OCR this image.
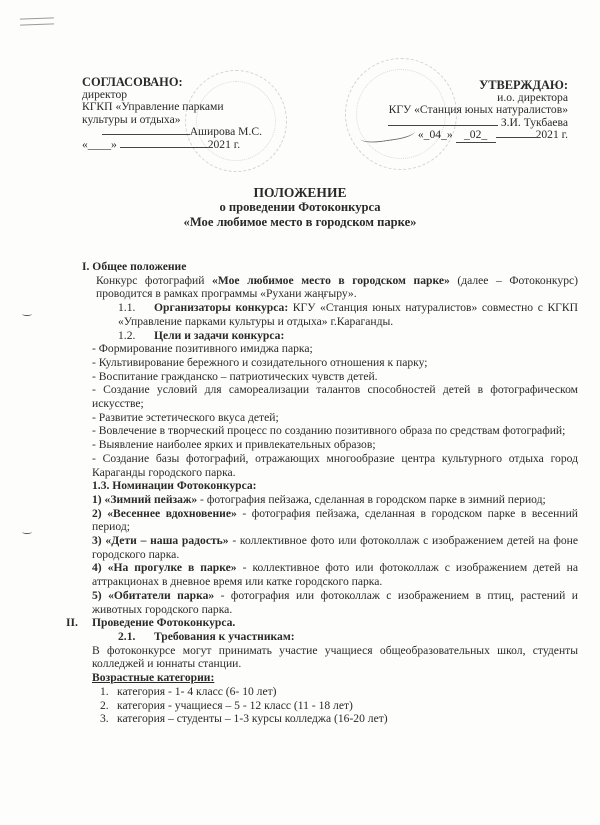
СОГЛАСОВАНО:
директор
КГКП «Управление парками
культуры и отдыха»
Аширова М.С.
«____»	2021 г.
УТВЕРЖДАЮ:
и.о. директора
КГУ «Станция юных натуралистов»
З.И. Тукбаева
«_04_» _02_	2021 г.
ПОЛОЖЕНИЕ
о проведении Фотоконкурса
«Мое любимое место в городском парке»

I. Общее положение

Конкурс фотографий «Мое любимое место в городском парке» (далее – Фотоконкурс) проводится в рамках программы «Рухани жаңғыру».

1.1. Организаторы конкурса: КГУ «Станция юных натуралистов» совместно с КГКП «Управление парками культуры и отдыха» г.Караганды.

1.2. Цели и задачи конкурса:

- Формирование позитивного имиджа парка;

- Культивирование бережного и созидательного отношения к парку;

- Воспитание гражданско – патриотических чувств детей.

- Создание условий для самореализации талантов способностей детей в фотографическом искусстве;

- Развитие эстетического вкуса детей;

- Вовлечение в творческий процесс по созданию позитивного образа по средствам фотографий;

- Выявление наиболее ярких и привлекательных образов;

- Создание базы фотографий, отражающих многообразие центра культурного отдыха город Караганды городского парка.

1.3. Номинации Фотоконкурса:

1) «Зимний пейзаж» - фотография пейзажа, сделанная в городском парке в зимний период;

2) «Весеннее вдохновение» - фотография пейзажа, сделанная в городском парке в весенний период;

3) «Дети – наша радость» - коллективное фото или фотоколлаж с изображением детей на фоне городского парка.

4) «На прогулке в парке» - коллективное фото или фотоколлаж с изображением детей на аттракционах в дневное время или катке городского парка.

5) «Обитатели парка» - фотография или фотоколлаж с изображением в птиц, растений и животных городского парка.

II. Проведение Фотоконкурса.

2.1. Требования к участникам:

В фотоконкурсе могут принимать участие учащиеся общеобразовательных школ, студенты колледжей и юннаты станции.

Возрастные категории:

1. категория - 1- 4 класс (6- 10 лет)

2. категория - учащиеся – 5 - 12 класс (11 - 18 лет)

3. категория – студенты – 1-3 курсы колледжа (16-20 лет)
